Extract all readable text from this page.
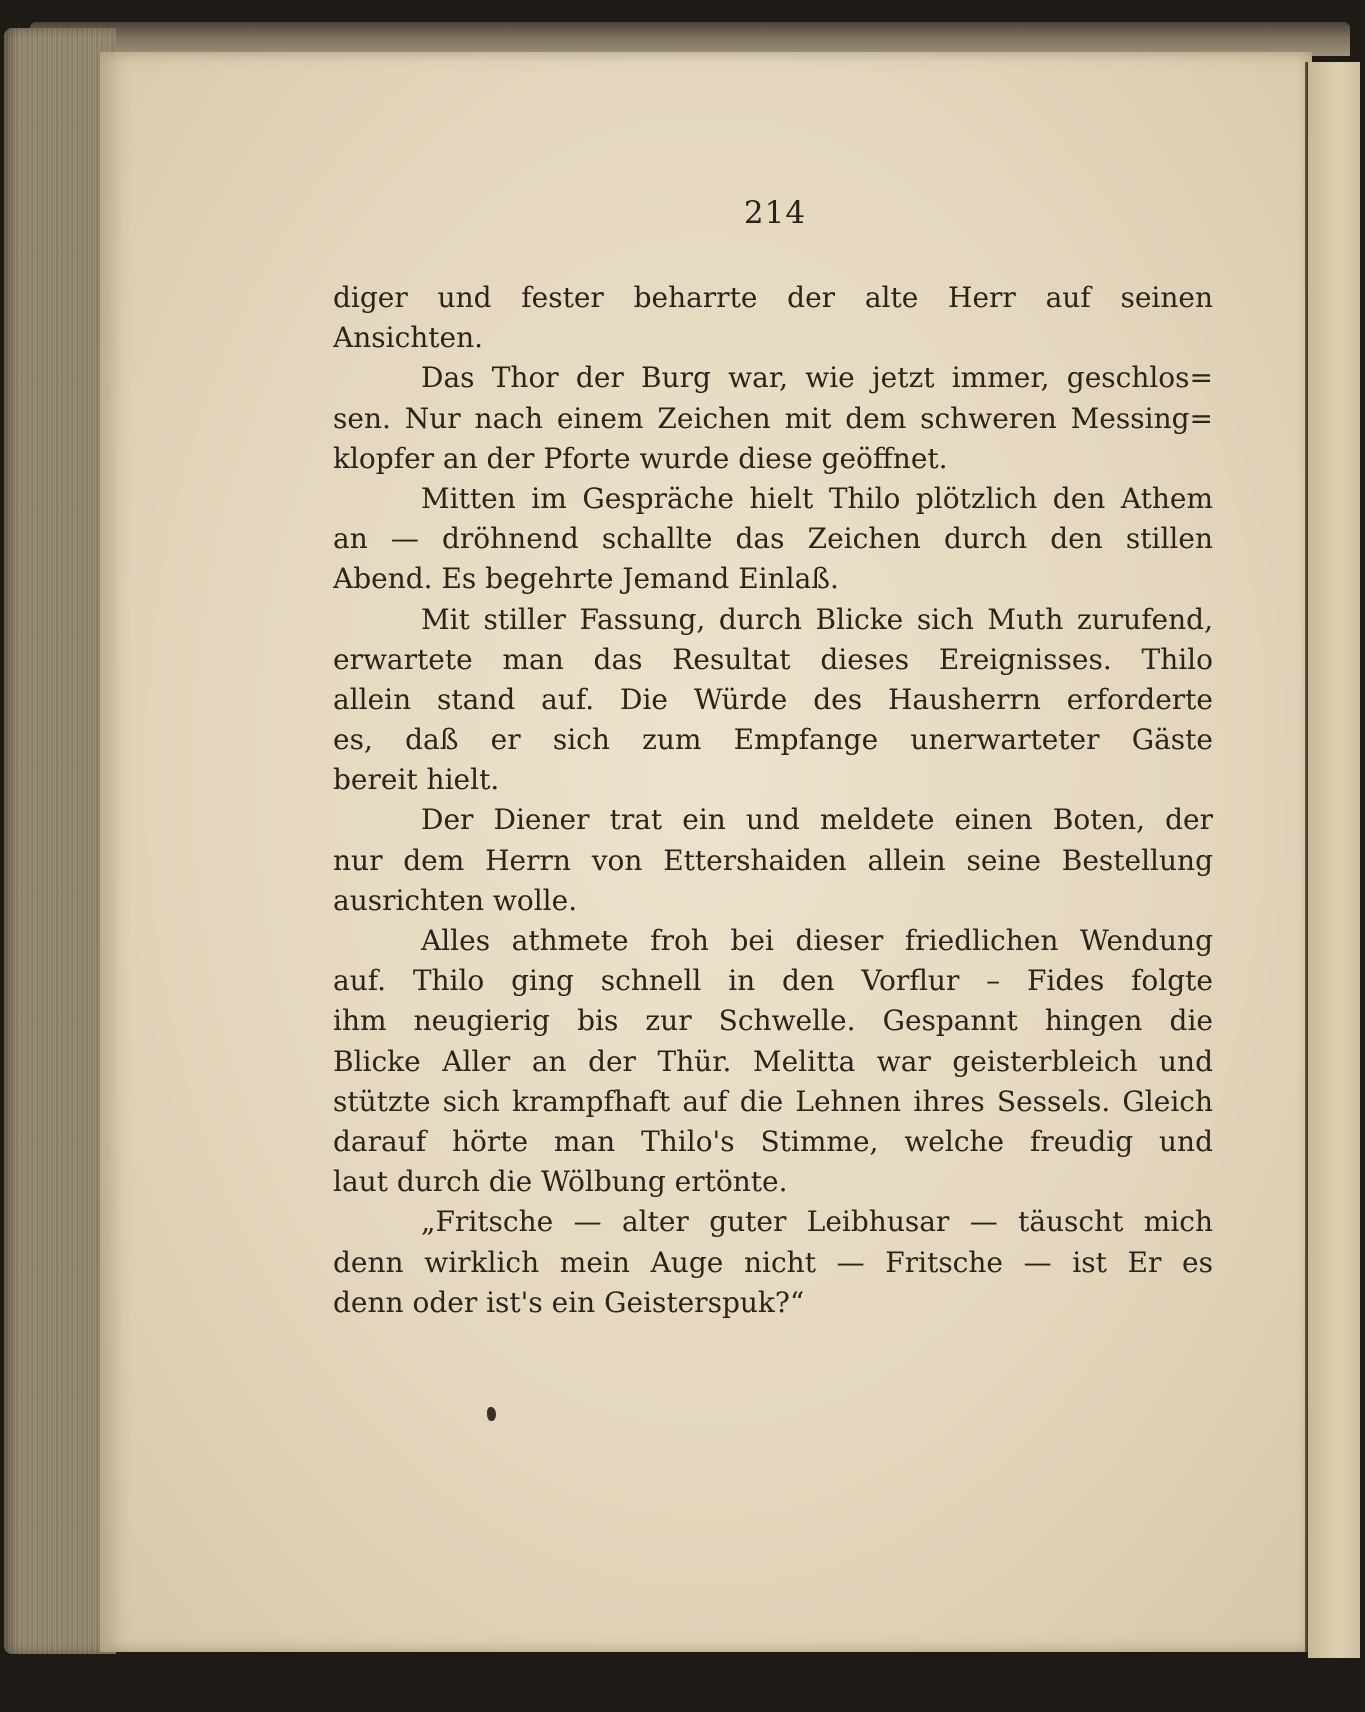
214
diger und fester beharrte der alte Herr auf seinen
Ansichten.
Das Thor der Burg war, wie jetzt immer, geschlos=
sen. Nur nach einem Zeichen mit dem schweren Messing=
klopfer an der Pforte wurde diese geöffnet.
Mitten im Gespräche hielt Thilo plötzlich den Athem
an — dröhnend schallte das Zeichen durch den stillen
Abend. Es begehrte Jemand Einlaß.
Mit stiller Fassung, durch Blicke sich Muth zurufend,
erwartete man das Resultat dieses Ereignisses. Thilo
allein stand auf. Die Würde des Hausherrn erforderte
es, daß er sich zum Empfange unerwarteter Gäste
bereit hielt.
Der Diener trat ein und meldete einen Boten, der
nur dem Herrn von Ettershaiden allein seine Bestellung
ausrichten wolle.
Alles athmete froh bei dieser friedlichen Wendung
auf. Thilo ging schnell in den Vorflur – Fides folgte
ihm neugierig bis zur Schwelle. Gespannt hingen die
Blicke Aller an der Thür. Melitta war geisterbleich und
stützte sich krampfhaft auf die Lehnen ihres Sessels. Gleich
darauf hörte man Thilo's Stimme, welche freudig und
laut durch die Wölbung ertönte.
„Fritsche — alter guter Leibhusar — täuscht mich
denn wirklich mein Auge nicht — Fritsche — ist Er es
denn oder ist's ein Geisterspuk?“
